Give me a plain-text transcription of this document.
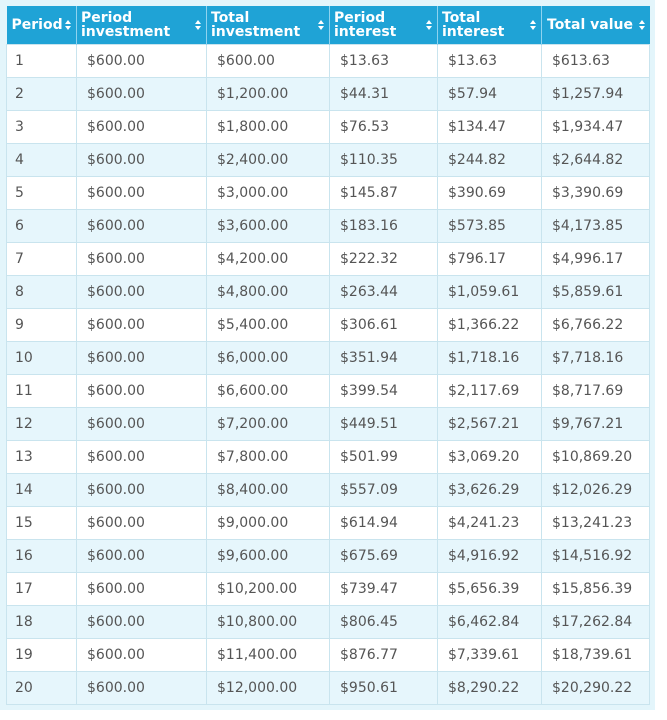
Period	Period investment	Total investment	Period interest	Total interest	Total value

1	$600.00	$600.00	$13.63	$13.63	$613.63
2	$600.00	$1,200.00	$44.31	$57.94	$1,257.94
3	$600.00	$1,800.00	$76.53	$134.47	$1,934.47
4	$600.00	$2,400.00	$110.35	$244.82	$2,644.82
5	$600.00	$3,000.00	$145.87	$390.69	$3,390.69
6	$600.00	$3,600.00	$183.16	$573.85	$4,173.85
7	$600.00	$4,200.00	$222.32	$796.17	$4,996.17
8	$600.00	$4,800.00	$263.44	$1,059.61	$5,859.61
9	$600.00	$5,400.00	$306.61	$1,366.22	$6,766.22
10	$600.00	$6,000.00	$351.94	$1,718.16	$7,718.16
11	$600.00	$6,600.00	$399.54	$2,117.69	$8,717.69
12	$600.00	$7,200.00	$449.51	$2,567.21	$9,767.21
13	$600.00	$7,800.00	$501.99	$3,069.20	$10,869.20
14	$600.00	$8,400.00	$557.09	$3,626.29	$12,026.29
15	$600.00	$9,000.00	$614.94	$4,241.23	$13,241.23
16	$600.00	$9,600.00	$675.69	$4,916.92	$14,516.92
17	$600.00	$10,200.00	$739.47	$5,656.39	$15,856.39
18	$600.00	$10,800.00	$806.45	$6,462.84	$17,262.84
19	$600.00	$11,400.00	$876.77	$7,339.61	$18,739.61
20	$600.00	$12,000.00	$950.61	$8,290.22	$20,290.22
